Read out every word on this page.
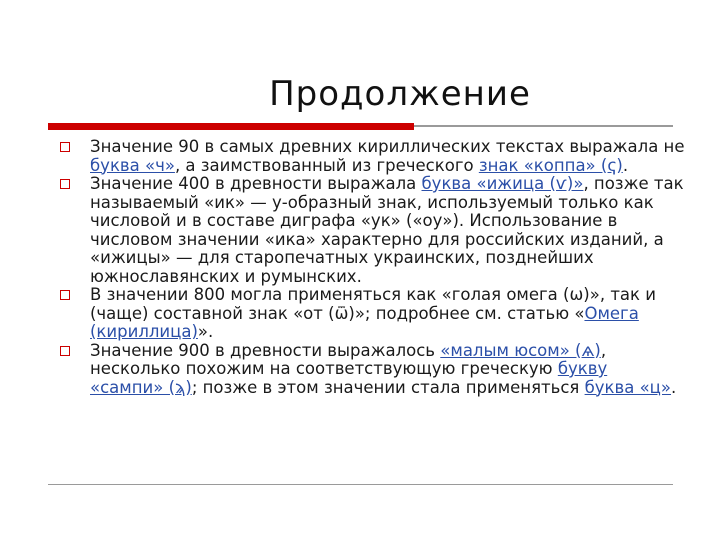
Продолжение
Значение 90 в самых древних кириллических текстах выражала не буква «ч», а заимствованный из греческого знак «коппа» (ҁ).
Значение 400 в древности выражала буква «ижица (ѵ)», позже так называемый «ик» — у-образный знак, используемый только как числовой и в составе диграфа «ук» («оу»). Использование в числовом значении «ика» характерно для российских изданий, а «ижицы» — для старопечатных украинских, позднейших южнославянских и румынских.
В значении 800 могла применяться как «голая омега (ѡ)», так и (чаще) составной знак «от (ѿ)»; подробнее см. статью «Омега (кириллица)».
Значение 900 в древности выражалось «малым юсом» (ѧ), несколько похожим на соответствующую греческую букву «сампи» (ϡ); позже в этом значении стала применяться буква «ц».
